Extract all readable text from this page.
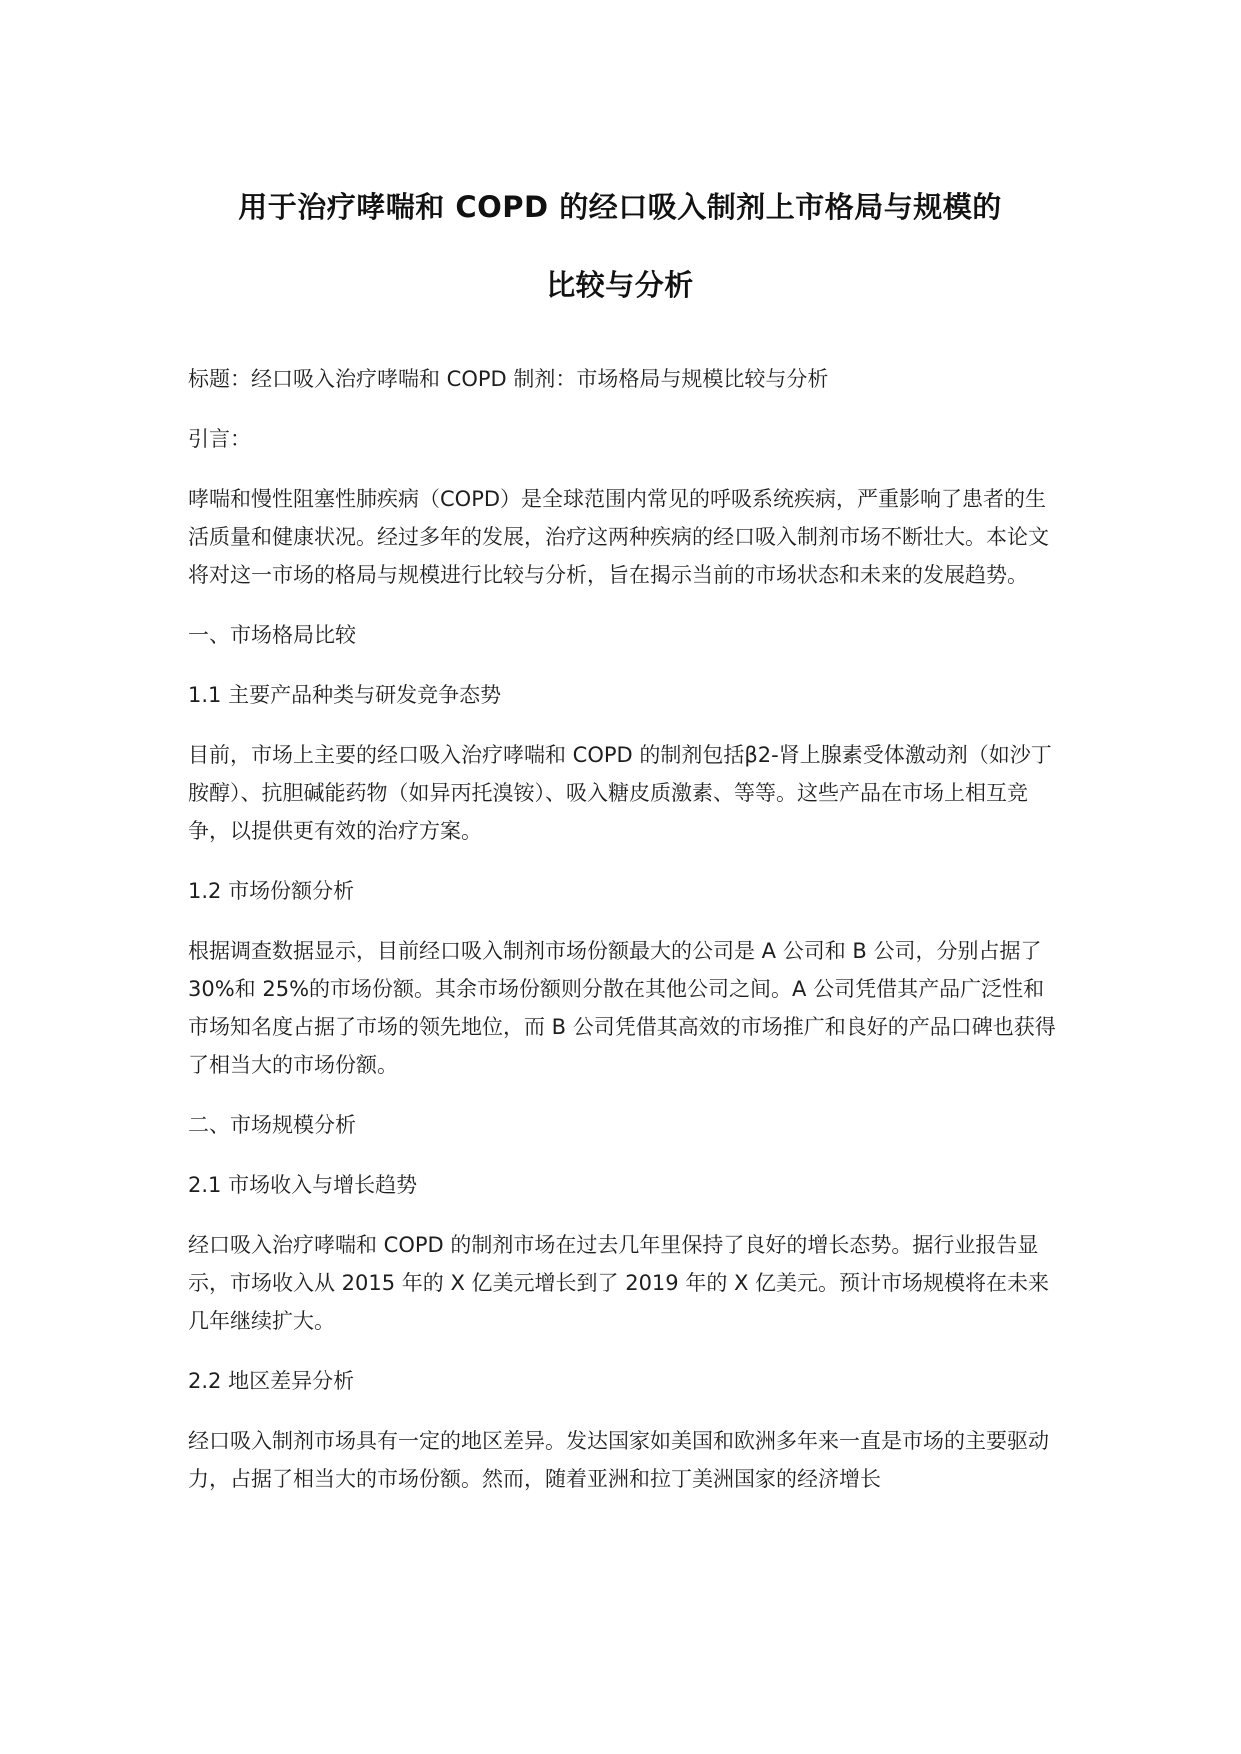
用于治疗哮喘和 COPD 的经口吸入制剂上市格局与规模的
比较与分析

标题：经口吸入治疗哮喘和 COPD 制剂：市场格局与规模比较与分析

引言：

哮喘和慢性阻塞性肺疾病（COPD）是全球范围内常见的呼吸系统疾病，严重影响了患者的生活质量和健康状况。经过多年的发展，治疗这两种疾病的经口吸入制剂市场不断壮大。本论文将对这一市场的格局与规模进行比较与分析，旨在揭示当前的市场状态和未来的发展趋势。

一、市场格局比较

1.1 主要产品种类与研发竞争态势

目前，市场上主要的经口吸入治疗哮喘和 COPD 的制剂包括β2-肾上腺素受体激动剂（如沙丁胺醇）、抗胆碱能药物（如异丙托溴铵）、吸入糖皮质激素、等等。这些产品在市场上相互竞争，以提供更有效的治疗方案。

1.2 市场份额分析

根据调查数据显示，目前经口吸入制剂市场份额最大的公司是 A 公司和 B 公司，分别占据了 30%和 25%的市场份额。其余市场份额则分散在其他公司之间。A 公司凭借其产品广泛性和市场知名度占据了市场的领先地位，而 B 公司凭借其高效的市场推广和良好的产品口碑也获得了相当大的市场份额。

二、市场规模分析

2.1 市场收入与增长趋势

经口吸入治疗哮喘和 COPD 的制剂市场在过去几年里保持了良好的增长态势。据行业报告显示，市场收入从 2015 年的 X 亿美元增长到了 2019 年的 X 亿美元。预计市场规模将在未来几年继续扩大。

2.2 地区差异分析

经口吸入制剂市场具有一定的地区差异。发达国家如美国和欧洲多年来一直是市场的主要驱动力，占据了相当大的市场份额。然而，随着亚洲和拉丁美洲国家的经济增长
